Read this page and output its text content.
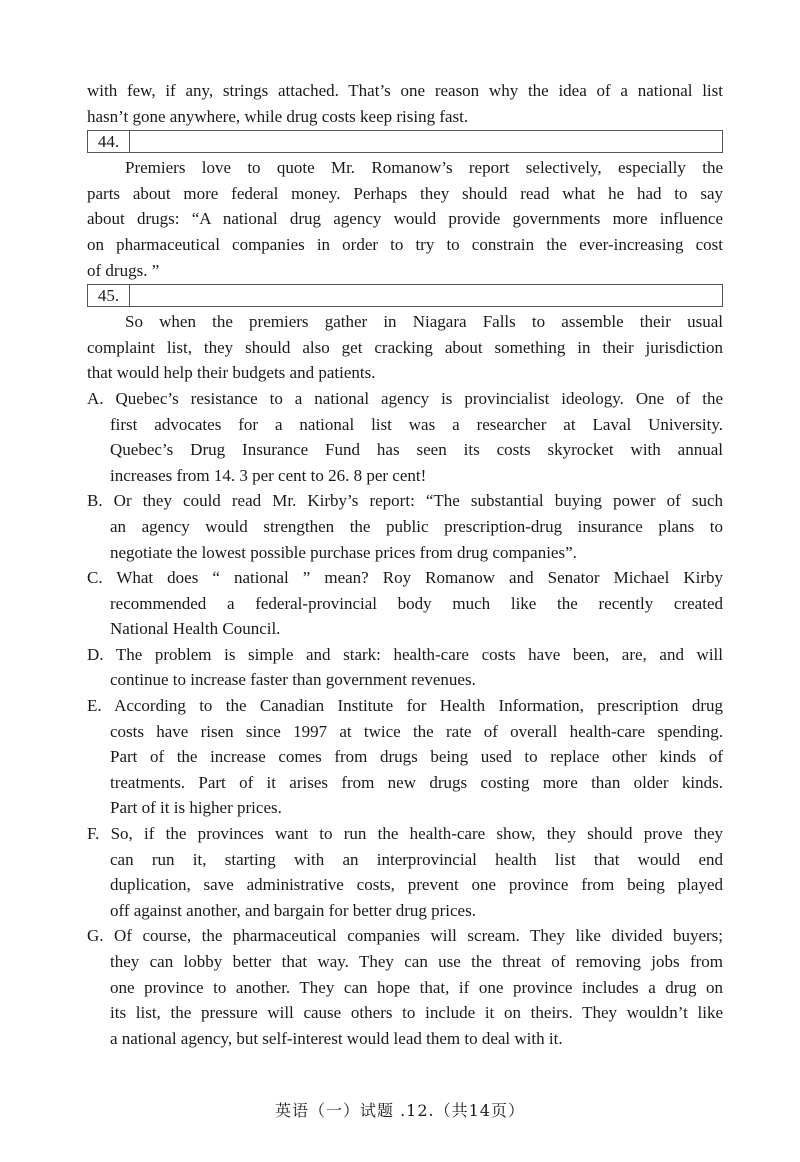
with few, if any, strings attached. That’s one reason why the idea of a national list
hasn’t gone anywhere, while drug costs keep rising fast.
44.
Premiers love to quote Mr. Romanow’s report selectively, especially the
parts about more federal money. Perhaps they should read what he had to say
about drugs: “A national drug agency would provide governments more influence
on pharmaceutical companies in order to try to constrain the ever-increasing cost
of drugs. ”
45.
So when the premiers gather in Niagara Falls to assemble their usual
complaint list, they should also get cracking about something in their jurisdiction
that would help their budgets and patients.
A. Quebec’s resistance to a national agency is provincialist ideology. One of the
first advocates for a national list was a researcher at Laval University.
Quebec’s Drug Insurance Fund has seen its costs skyrocket with annual
increases from 14. 3 per cent to 26. 8 per cent!
B. Or they could read Mr. Kirby’s report: “The substantial buying power of such
an agency would strengthen the public prescription-drug insurance plans to
negotiate the lowest possible purchase prices from drug companies”.
C. What does “ national ” mean? Roy Romanow and Senator Michael Kirby
recommended a federal-provincial body much like the recently created
National Health Council.
D. The problem is simple and stark: health-care costs have been, are, and will
continue to increase faster than government revenues.
E. According to the Canadian Institute for Health Information, prescription drug
costs have risen since 1997 at twice the rate of overall health-care spending.
Part of the increase comes from drugs being used to replace other kinds of
treatments. Part of it arises from new drugs costing more than older kinds.
Part of it is higher prices.
F. So, if the provinces want to run the health-care show, they should prove they
can run it, starting with an interprovincial health list that would end
duplication, save administrative costs, prevent one province from being played
off against another, and bargain for better drug prices.
G. Of course, the pharmaceutical companies will scream. They like divided buyers;
they can lobby better that way. They can use the threat of removing jobs from
one province to another. They can hope that, if one province includes a drug on
its list, the pressure will cause others to include it on theirs. They wouldn’t like
a national agency, but self-interest would lead them to deal with it.
英语（一）试题 .12.（共14页）
